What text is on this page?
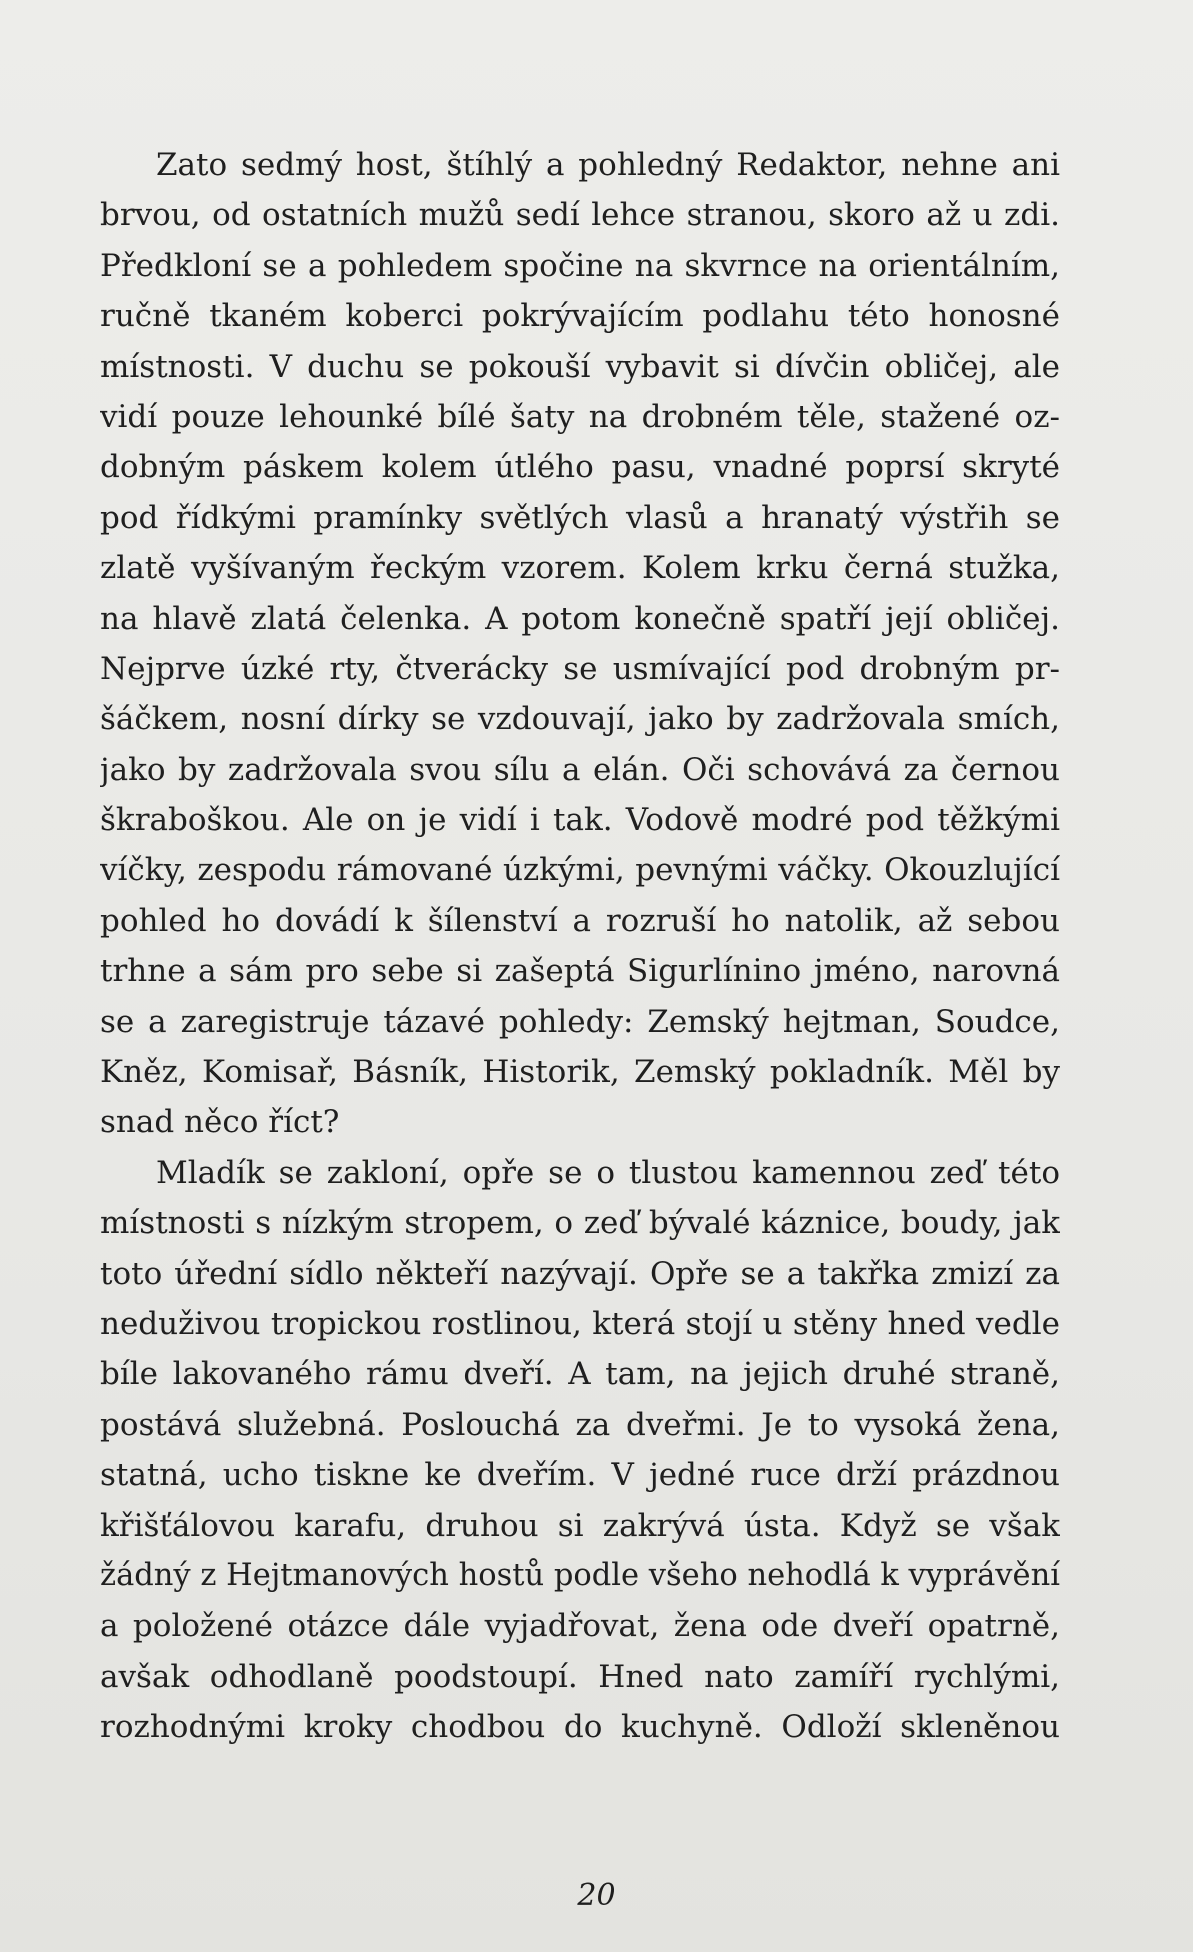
Zato sedmý host, štíhlý a pohledný Redaktor, nehne ani
brvou, od ostatních mužů sedí lehce stranou, skoro až u zdi.
Předkloní se a pohledem spočine na skvrnce na orientálním,
ručně tkaném koberci pokrývajícím podlahu této honosné
místnosti. V duchu se pokouší vybavit si dívčin obličej, ale
vidí pouze lehounké bílé šaty na drobném těle, stažené oz-
dobným páskem kolem útlého pasu, vnadné poprsí skryté
pod řídkými pramínky světlých vlasů a hranatý výstřih se
zlatě vyšívaným řeckým vzorem. Kolem krku černá stužka,
na hlavě zlatá čelenka. A potom konečně spatří její obličej.
Nejprve úzké rty, čtverácky se usmívající pod drobným pr-
šáčkem, nosní dírky se vzdouvají, jako by zadržovala smích,
jako by zadržovala svou sílu a elán. Oči schovává za černou
škraboškou. Ale on je vidí i tak. Vodově modré pod těžkými
víčky, zespodu rámované úzkými, pevnými váčky. Okouzlující
pohled ho dovádí k šílenství a rozruší ho natolik, až sebou
trhne a sám pro sebe si zašeptá Sigurlínino jméno, narovná
se a zaregistruje tázavé pohledy: Zemský hejtman, Soudce,
Kněz, Komisař, Básník, Historik, Zemský pokladník. Měl by
snad něco říct?
Mladík se zakloní, opře se o tlustou kamennou zeď této
místnosti s nízkým stropem, o zeď bývalé káznice, boudy, jak
toto úřední sídlo někteří nazývají. Opře se a takřka zmizí za
neduživou tropickou rostlinou, která stojí u stěny hned vedle
bíle lakovaného rámu dveří. A tam, na jejich druhé straně,
postává služebná. Poslouchá za dveřmi. Je to vysoká žena,
statná, ucho tiskne ke dveřím. V jedné ruce drží prázdnou
křišťálovou karafu, druhou si zakrývá ústa. Když se však
žádný z Hejtmanových hostů podle všeho nehodlá k vyprávění
a položené otázce dále vyjadřovat, žena ode dveří opatrně,
avšak odhodlaně poodstoupí. Hned nato zamíří rychlými,
rozhodnými kroky chodbou do kuchyně. Odloží skleněnou
20
